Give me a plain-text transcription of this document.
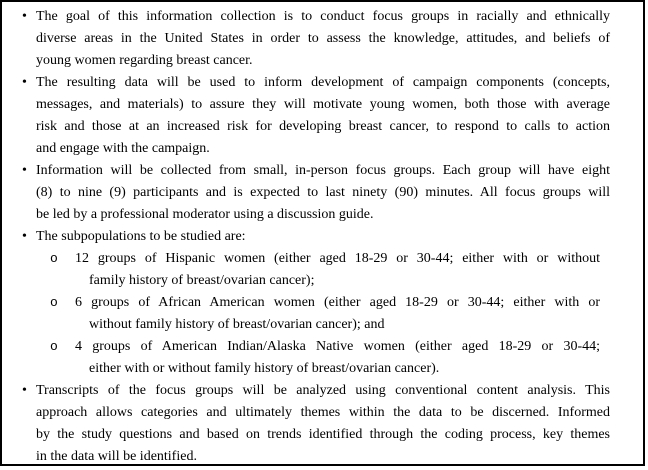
• The goal of this information collection is to conduct focus groups in racially and ethnically
diverse areas in the United States in order to assess the knowledge, attitudes, and beliefs of
young women regarding breast cancer.
• The resulting data will be used to inform development of campaign components (concepts,
messages, and materials) to assure they will motivate young women, both those with average
risk and those at an increased risk for developing breast cancer, to respond to calls to action
and engage with the campaign.
• Information will be collected from small, in-person focus groups. Each group will have eight
(8) to nine (9) participants and is expected to last ninety (90) minutes. All focus groups will
be led by a professional moderator using a discussion guide.
• The subpopulations to be studied are:
o 12 groups of Hispanic women (either aged 18-29 or 30-44; either with or without
family history of breast/ovarian cancer);
o 6 groups of African American women (either aged 18-29 or 30-44; either with or
without family history of breast/ovarian cancer); and
o 4 groups of American Indian/Alaska Native women (either aged 18-29 or 30-44;
either with or without family history of breast/ovarian cancer).
• Transcripts of the focus groups will be analyzed using conventional content analysis. This
approach allows categories and ultimately themes within the data to be discerned. Informed
by the study questions and based on trends identified through the coding process, key themes
in the data will be identified.
